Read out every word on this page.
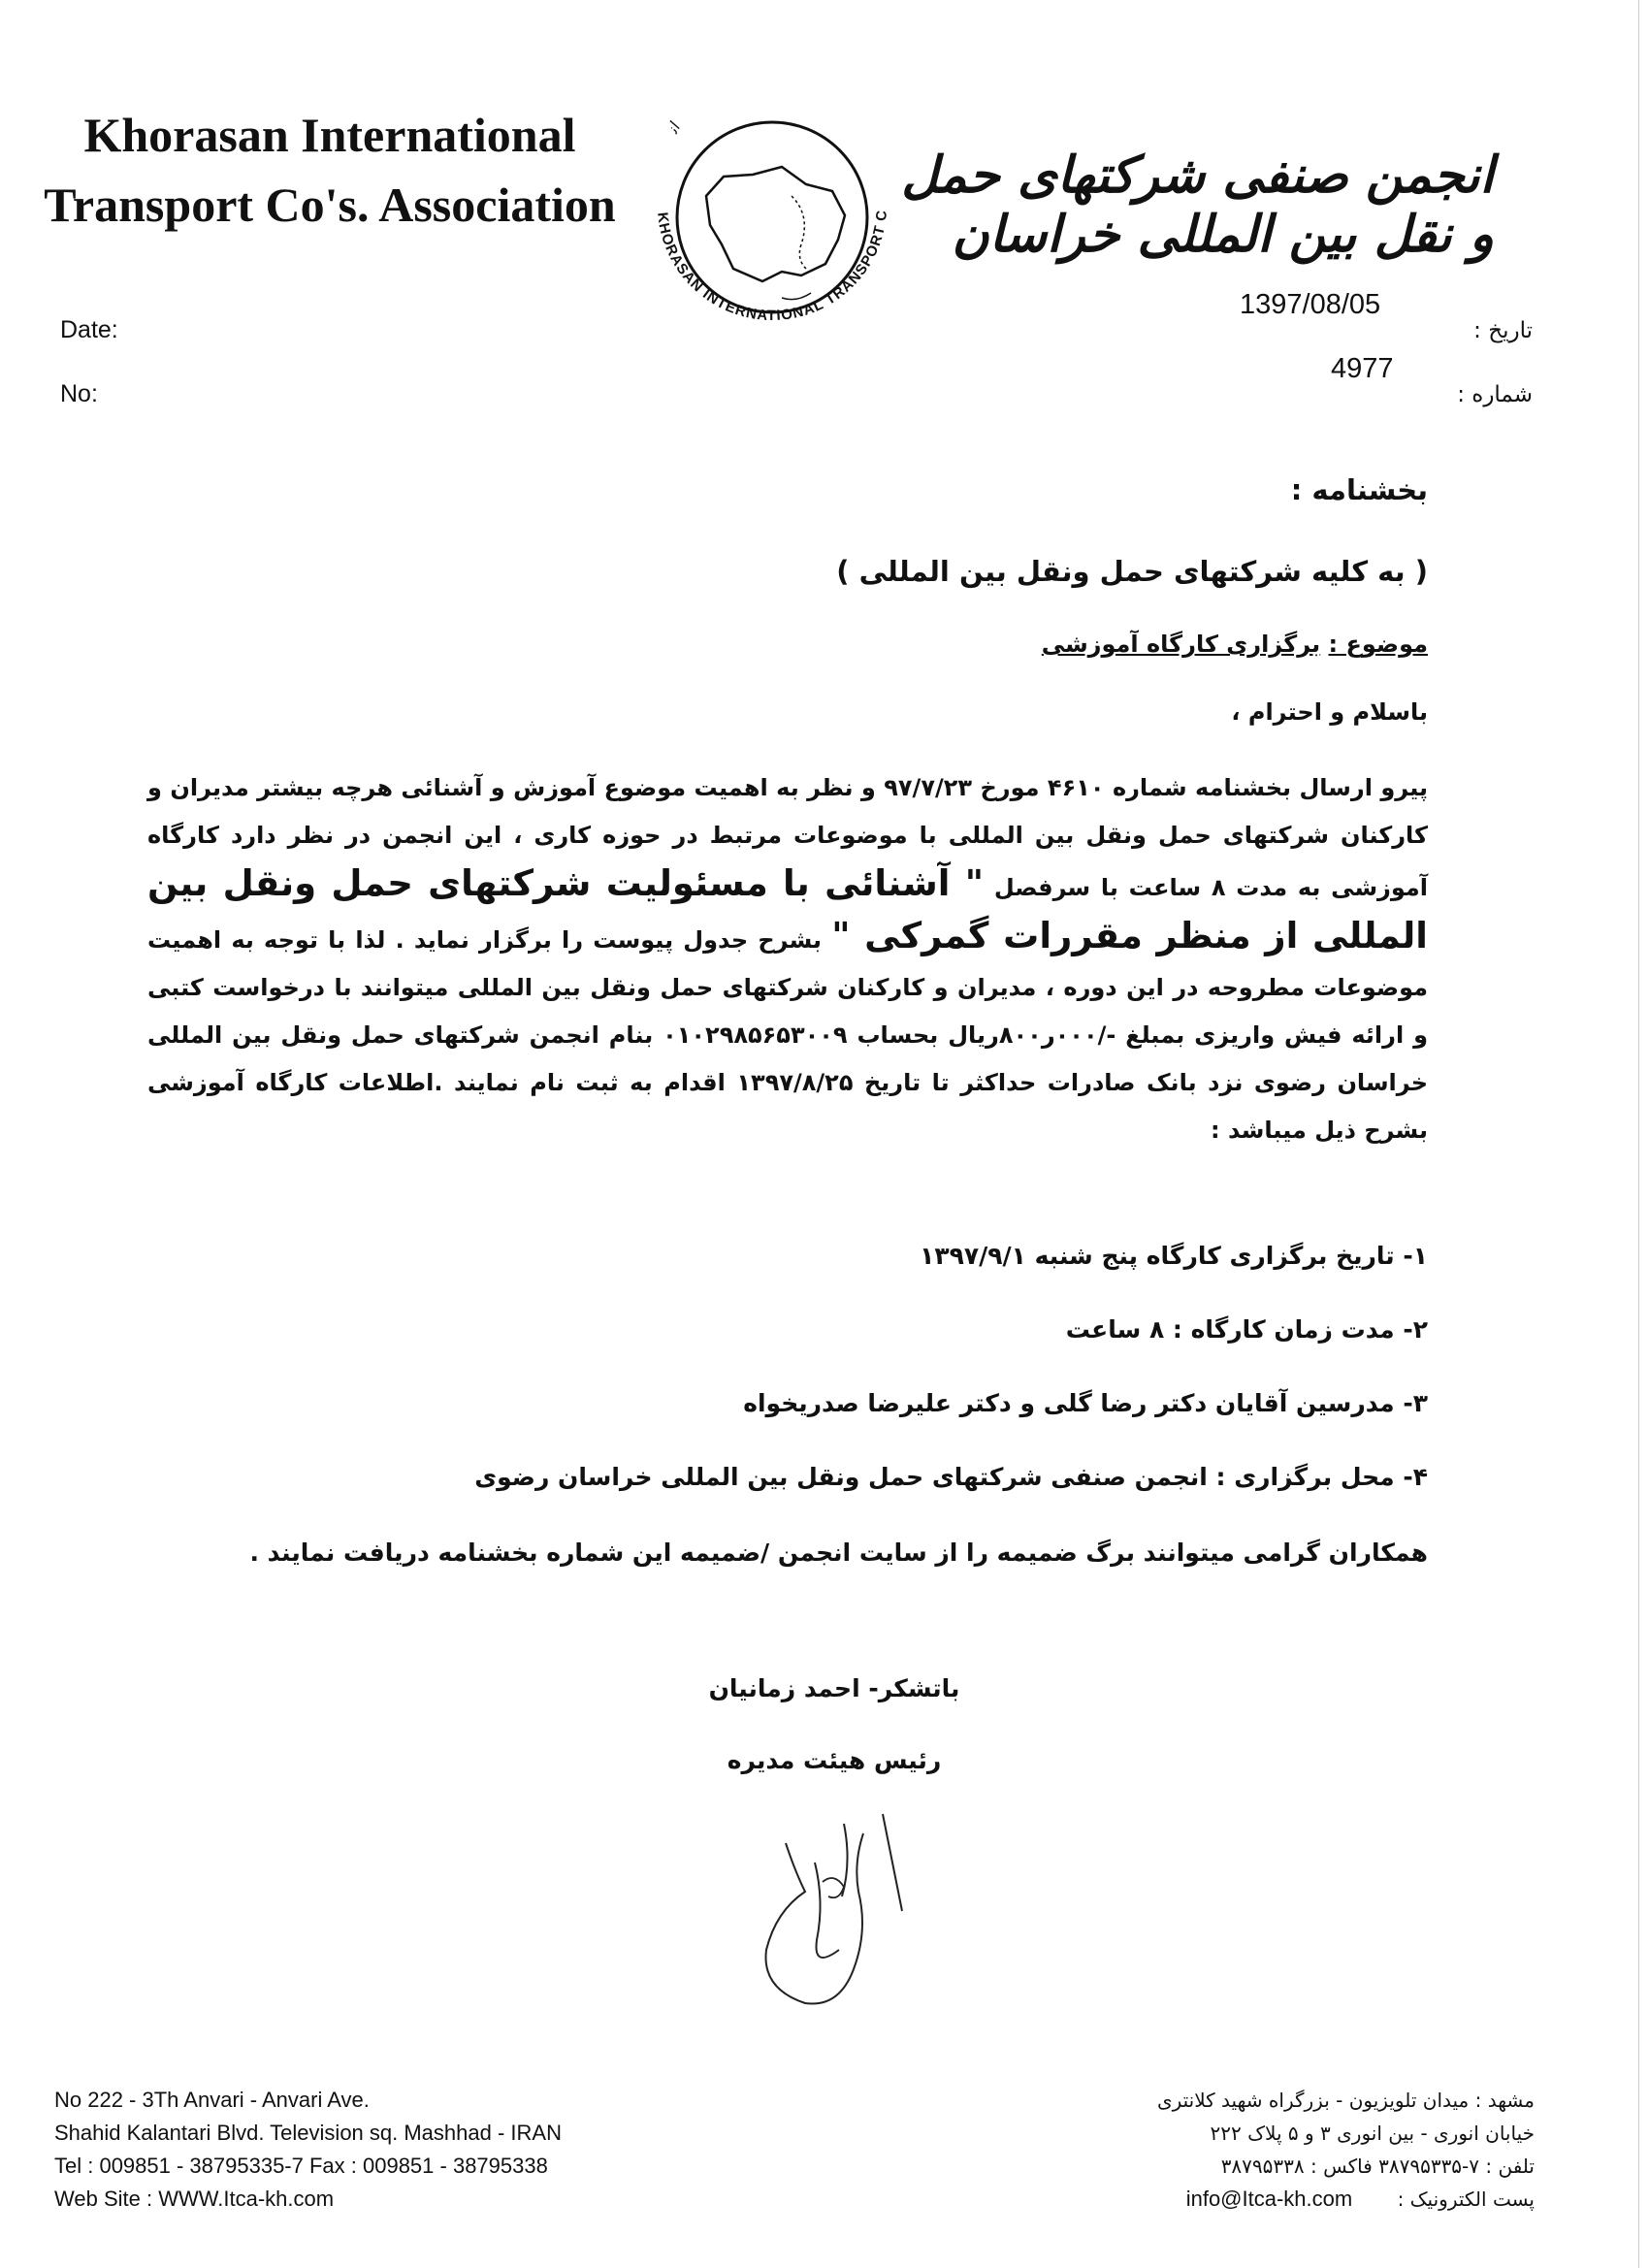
Khorasan International
Transport Co's. Association	KHORASAN INTERNATIONAL TRANSPORT C
ان
انجمن صنفی شرکتهای حمل و نقل بین المللی خراسان
Date:
No:
1397/08/05
4977
تاریخ :
شماره :
بخشنامه :
( به کلیه شرکتهای حمل ونقل بین المللی )
موضوع : برگزاری کارگاه آموزشی
باسلام و احترام ،
پیرو ارسال بخشنامه شماره ۴۶۱۰ مورخ ۹۷/۷/۲۳ و نظر به اهمیت موضوع آموزش و آشنائی هرچه بیشتر مدیران و کارکنان شرکتهای حمل ونقل بین المللی با موضوعات مرتبط در حوزه کاری ، این انجمن در نظر دارد کارگاه آموزشی به مدت ۸ ساعت با سرفصل " آشنائی با مسئولیت شرکتهای حمل ونقل بین المللی از منظر مقررات گمرکی " بشرح جدول پیوست را برگزار نماید . لذا با توجه به اهمیت موضوعات مطروحه در این دوره ، مدیران و کارکنان شرکتهای حمل ونقل بین المللی میتوانند با درخواست کتبی و ارائه فیش واریزی بمبلغ -/۰۰۰ر۸۰۰ریال بحساب ۰۱۰۲۹۸۵۶۵۳۰۰۹ بنام انجمن شرکتهای حمل ونقل بین المللی خراسان رضوی نزد بانک صادرات حداکثر تا تاریخ ۱۳۹۷/۸/۲۵ اقدام به ثبت نام نمایند .اطلاعات کارگاه آموزشی بشرح ذیل میباشد :
۱- تاریخ برگزاری کارگاه پنج شنبه ۱۳۹۷/۹/۱
۲- مدت زمان کارگاه : ۸ ساعت
۳- مدرسین آقایان دکتر رضا گلی و دکتر علیرضا صدریخواه
۴- محل برگزاری : انجمن صنفی شرکتهای حمل ونقل بین المللی خراسان رضوی
همکاران گرامی میتوانند برگ ضمیمه را از سایت انجمن /ضمیمه این شماره بخشنامه دریافت نمایند .
باتشکر- احمد زمانیان
رئیس هیئت مدیره
No 222 - 3Th Anvari - Anvari Ave.
Shahid Kalantari Blvd. Television sq. Mashhad - IRAN
Tel : 009851 - 38795335-7 Fax : 009851 - 38795338
Web Site : WWW.Itca-kh.com
مشهد : میدان تلویزیون - بزرگراه شهید کلانتری
خیابان انوری - بین انوری ۳ و ۵ پلاک ۲۲۲
تلفن : ۷-۳۸۷۹۵۳۳۵ فاکس : ۳۸۷۹۵۳۳۸
پست الکترونیک : info@Itca-kh.com
